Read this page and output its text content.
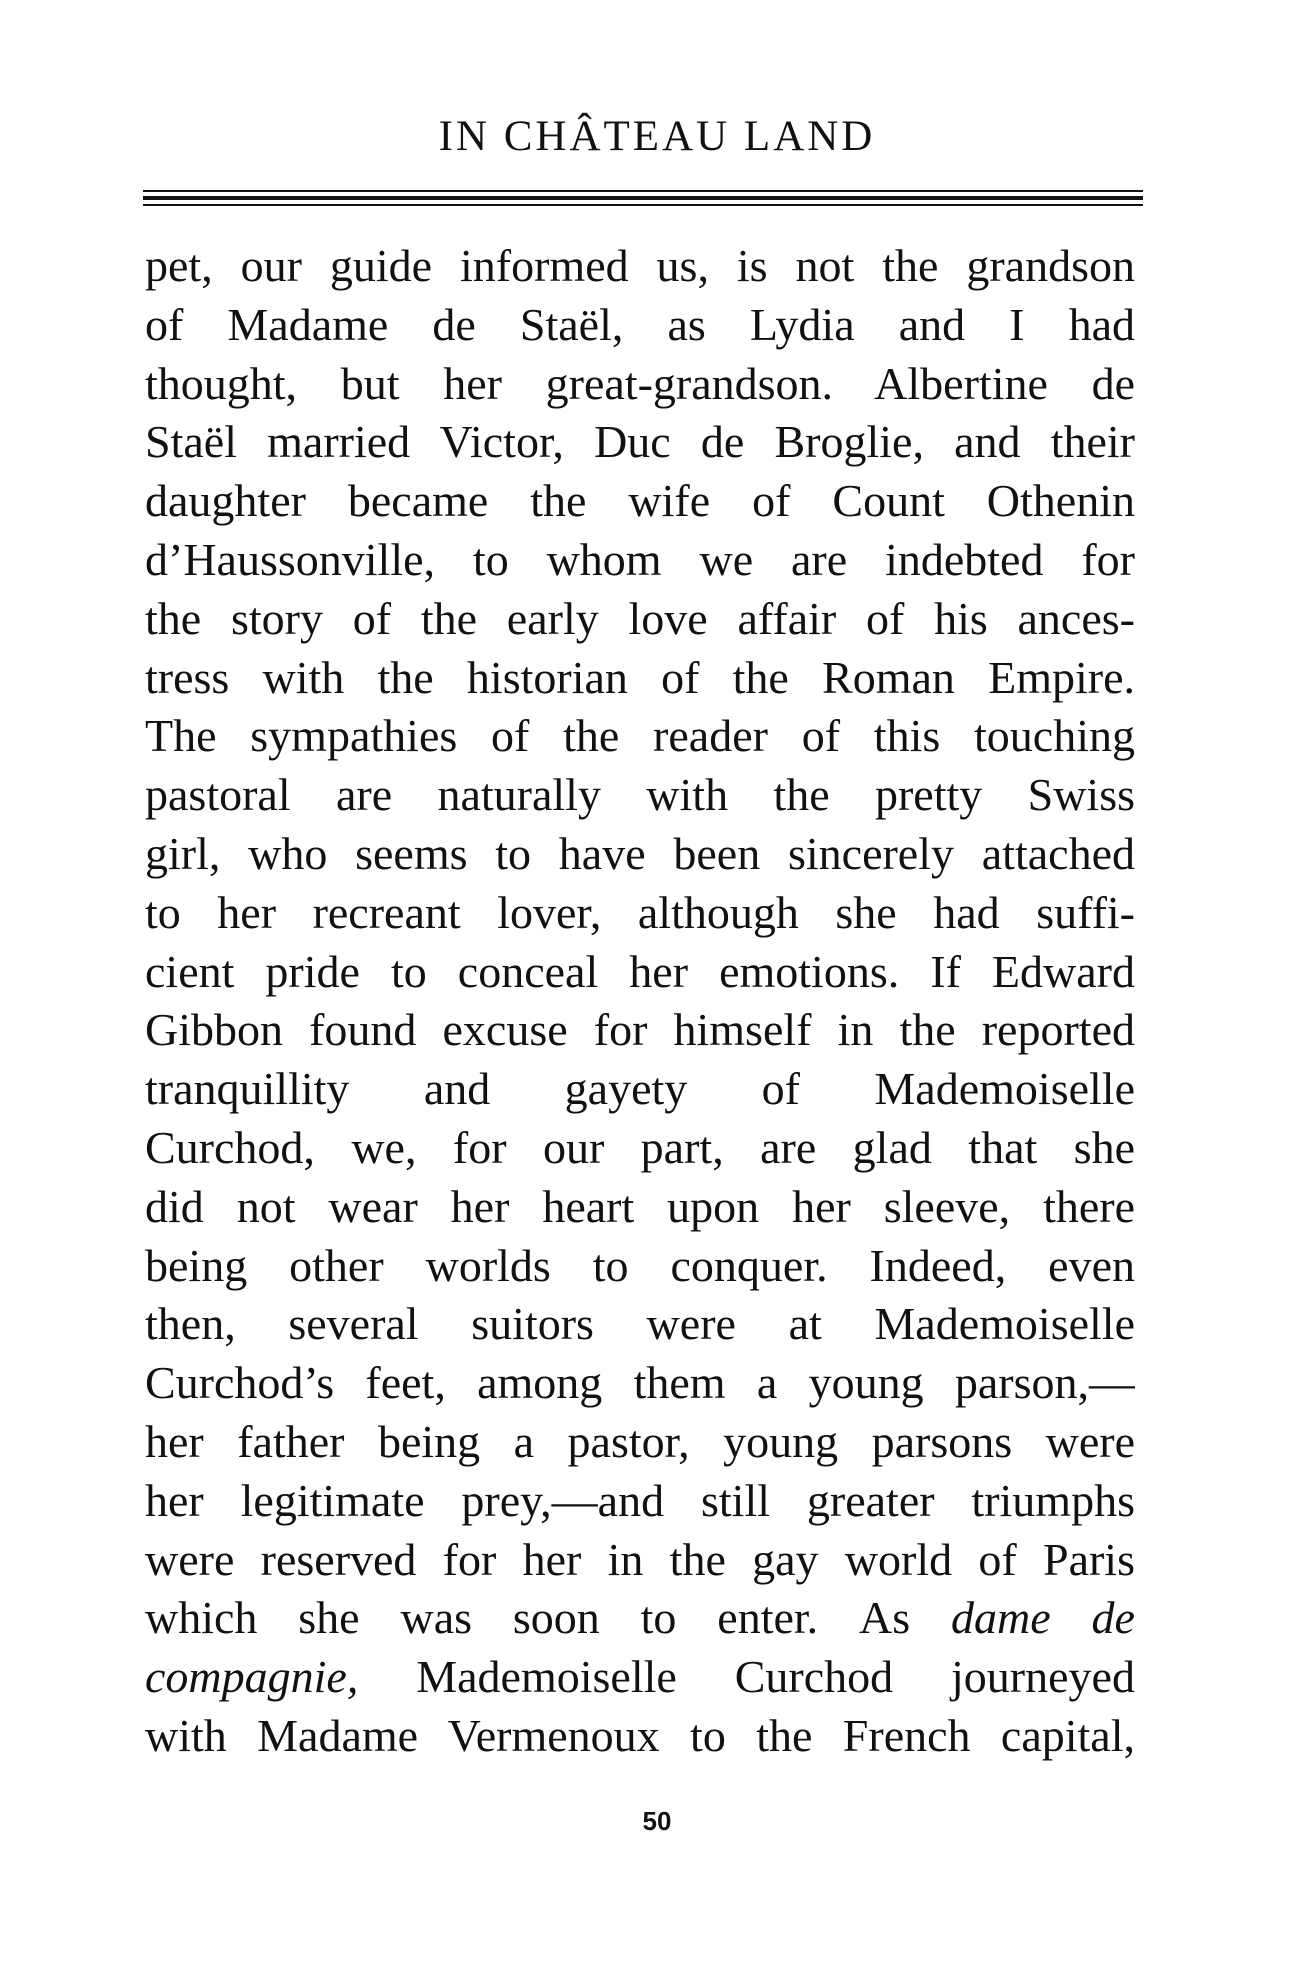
IN CHÂTEAU LAND
pet, our guide informed us, is not the grandson
of Madame de Staël, as Lydia and I had
thought, but her great-grandson. Albertine de
Staël married Victor, Duc de Broglie, and their
daughter became the wife of Count Othenin
d’Haussonville, to whom we are indebted for
the story of the early love affair of his ances-
tress with the historian of the Roman Empire.
The sympathies of the reader of this touching
pastoral are naturally with the pretty Swiss
girl, who seems to have been sincerely attached
to her recreant lover, although she had suffi-
cient pride to conceal her emotions. If Edward
Gibbon found excuse for himself in the reported
tranquillity and gayety of Mademoiselle
Curchod, we, for our part, are glad that she
did not wear her heart upon her sleeve, there
being other worlds to conquer. Indeed, even
then, several suitors were at Mademoiselle
Curchod’s feet, among them a young parson,—
her father being a pastor, young parsons were
her legitimate prey,—and still greater triumphs
were reserved for her in the gay world of Paris
which she was soon to enter. As dame de
compagnie, Mademoiselle Curchod journeyed
with Madame Vermenoux to the French capital,
50
